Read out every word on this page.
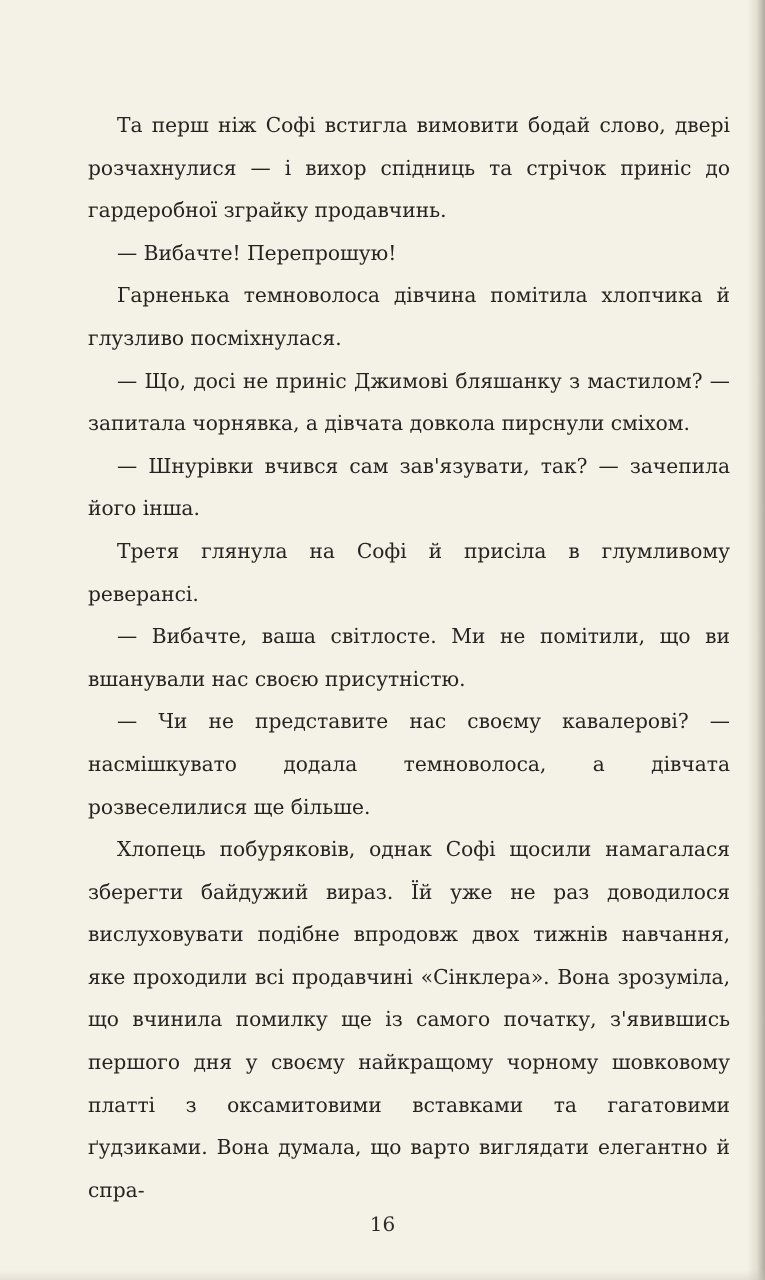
Та перш ніж Софі встигла вимовити бодай слово, двері розчахнулися — і вихор спідниць та стрічок приніс до гардеробної зграйку продавчинь.

— Вибачте! Перепрошую!

Гарненька темноволоса дівчина помітила хлопчика й глузливо посміхнулася.

— Що, досі не приніс Джимові бляшанку з мастилом? — запитала чорнявка, а дівчата довкола пирснули сміхом.

— Шнурівки вчився сам зав'язувати, так? — зачепила його інша.

Третя глянула на Софі й присіла в глумливому реверансі.

— Вибачте, ваша світлосте. Ми не помітили, що ви вшанували нас своєю присутністю.

— Чи не представите нас своєму кавалерові? — насмішкувато додала темноволоса, а дівчата розвеселилися ще більше.

Хлопець побуряковів, однак Софі щосили намагалася зберегти байдужий вираз. Їй уже не раз доводилося вислуховувати подібне впродовж двох тижнів навчання, яке проходили всі продавчині «Сінклера». Вона зрозуміла, що вчинила помилку ще із самого початку, з'явившись першого дня у своєму найкращому чорному шовковому платті з оксамитовими вставками та гагатовими ґудзиками. Вона думала, що варто виглядати елегантно й спра-

16
